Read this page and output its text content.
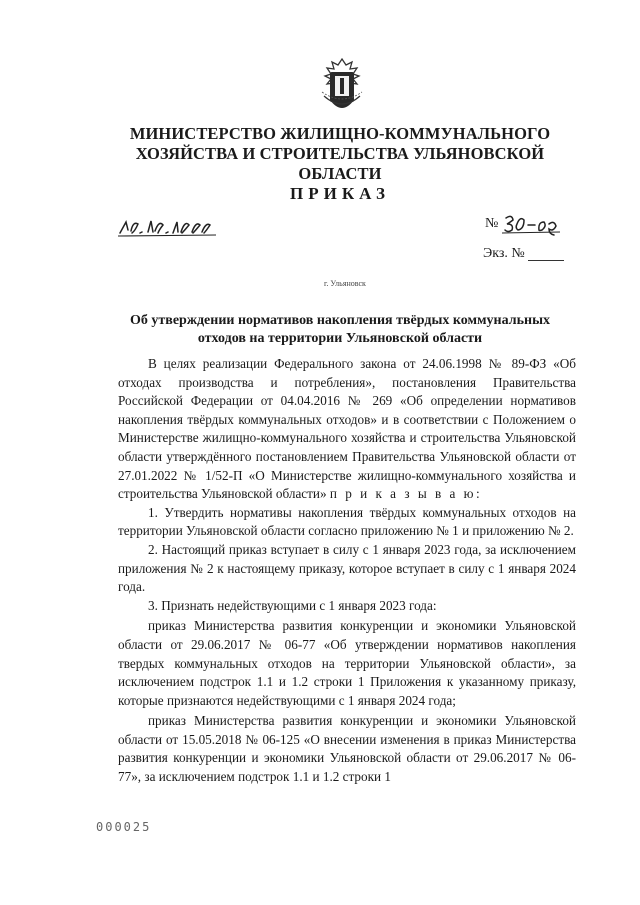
МИНИСТЕРСТВО ЖИЛИЩНО-КОММУНАЛЬНОГО
ХОЗЯЙСТВА И СТРОИТЕЛЬСТВА УЛЬЯНОВСКОЙ ОБЛАСТИ
ПРИКАЗ
№
Экз. №
г. Ульяновск
Об утверждении нормативов накопления твёрдых коммунальных отходов на территории Ульяновской области

В целях реализации Федерального закона от 24.06.1998 № 89-ФЗ «Об отходах производства и потребления», постановления Правительства Российской Федерации от 04.04.2016 № 269 «Об определении нормативов накопления твёрдых коммунальных отходов» и в соответствии с Положением о Министерстве жилищно-коммунального хозяйства и строительства Ульяновской области утверждённого постановлением Правительства Ульяновской области от 27.01.2022 № 1/52-П «О Министерстве жилищно-коммунального хозяйства и строительства Ульяновской области» п р и к а з ы в а ю:

1. Утвердить нормативы накопления твёрдых коммунальных отходов на территории Ульяновской области согласно приложению № 1 и приложению № 2.

2. Настоящий приказ вступает в силу с 1 января 2023 года, за исключением приложения № 2 к настоящему приказу, которое вступает в силу с 1 января 2024 года.

3. Признать недействующими с 1 января 2023 года:

приказ Министерства развития конкуренции и экономики Ульяновской области от 29.06.2017 № 06-77 «Об утверждении нормативов накопления твердых коммунальных отходов на территории Ульяновской области», за исключением подстрок 1.1 и 1.2 строки 1 Приложения к указанному приказу, которые признаются недействующими с 1 января 2024 года;

приказ Министерства развития конкуренции и экономики Ульяновской области от 15.05.2018 № 06-125 «О внесении изменения в приказ Министерства развития конкуренции и экономики Ульяновской области от 29.06.2017 № 06-77», за исключением подстрок 1.1 и 1.2 строки 1

000025
